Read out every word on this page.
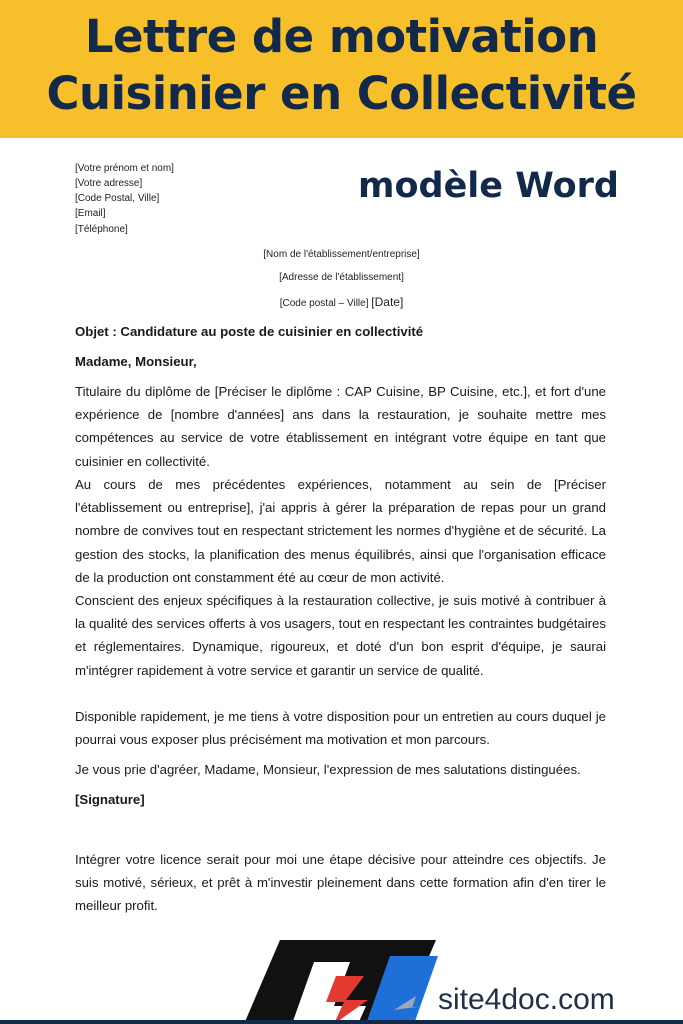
Lettre de motivation
Cuisinier en Collectivité
modèle Word
[Votre prénom et nom]
[Votre adresse]
[Code Postal, Ville]
[Email]
[Téléphone]
[Nom de l'établissement/entreprise]
[Adresse de l'établissement]
[Code postal – Ville] [Date]
Objet : Candidature au poste de cuisinier en collectivité
Madame, Monsieur,
Titulaire du diplôme de [Préciser le diplôme : CAP Cuisine, BP Cuisine, etc.], et fort d'une expérience de [nombre d'années] ans dans la restauration, je souhaite mettre mes compétences au service de votre établissement en intégrant votre équipe en tant que cuisinier en collectivité.
Au cours de mes précédentes expériences, notamment au sein de [Préciser l'établissement ou entreprise], j'ai appris à gérer la préparation de repas pour un grand nombre de convives tout en respectant strictement les normes d'hygiène et de sécurité. La gestion des stocks, la planification des menus équilibrés, ainsi que l'organisation efficace de la production ont constamment été au cœur de mon activité.
Conscient des enjeux spécifiques à la restauration collective, je suis motivé à contribuer à la qualité des services offerts à vos usagers, tout en respectant les contraintes budgétaires et réglementaires. Dynamique, rigoureux, et doté d'un bon esprit d'équipe, je saurai m'intégrer rapidement à votre service et garantir un service de qualité.
Disponible rapidement, je me tiens à votre disposition pour un entretien au cours duquel je pourrai vous exposer plus précisément ma motivation et mon parcours.
Je vous prie d'agréer, Madame, Monsieur, l'expression de mes salutations distinguées.
[Signature]
Intégrer votre licence serait pour moi une étape décisive pour atteindre ces objectifs. Je suis motivé, sérieux, et prêt à m'investir pleinement dans cette formation afin d'en tirer le meilleur profit.
site4doc.com
